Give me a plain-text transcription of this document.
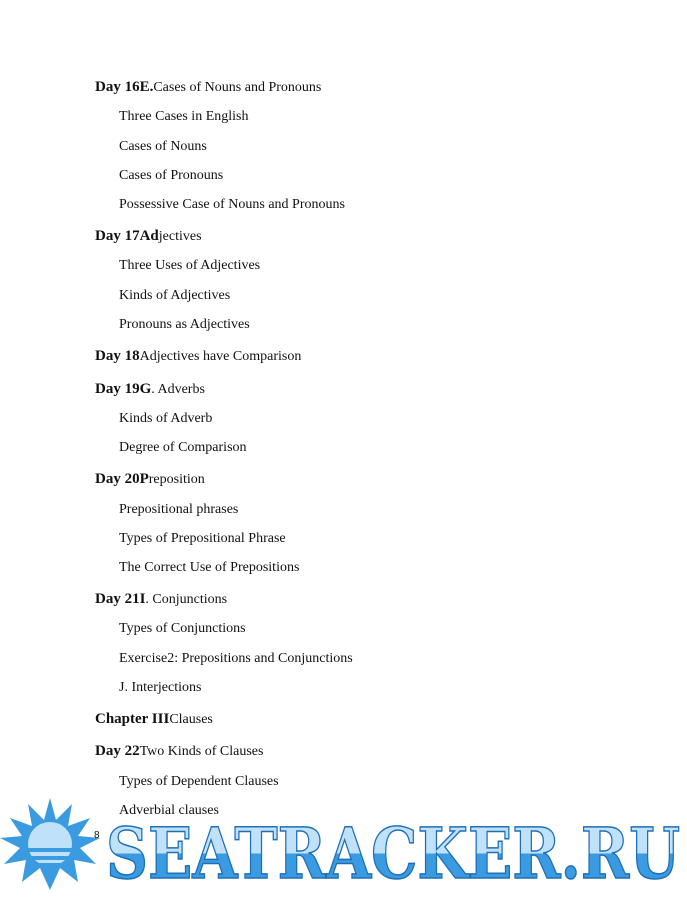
Day 16E.Cases of Nouns and Pronouns
Three Cases in English
Cases of Nouns
Cases of Pronouns
Possessive Case of Nouns and Pronouns
Day 17Adjectives
Three Uses of Adjectives
Kinds of Adjectives
Pronouns as Adjectives
Day 18Adjectives have Comparison
Day 19G. Adverbs
Kinds of Adverb
Degree of Comparison
Day 20Preposition
Prepositional phrases
Types of Prepositional Phrase
The Correct Use of Prepositions
Day 21I. Conjunctions
Types of Conjunctions
Exercise2: Prepositions and Conjunctions
J. Interjections
Chapter IIIClauses
Day 22Two Kinds of Clauses
Types of Dependent Clauses
Adverbial clauses
SEATRACKER.RU
8
